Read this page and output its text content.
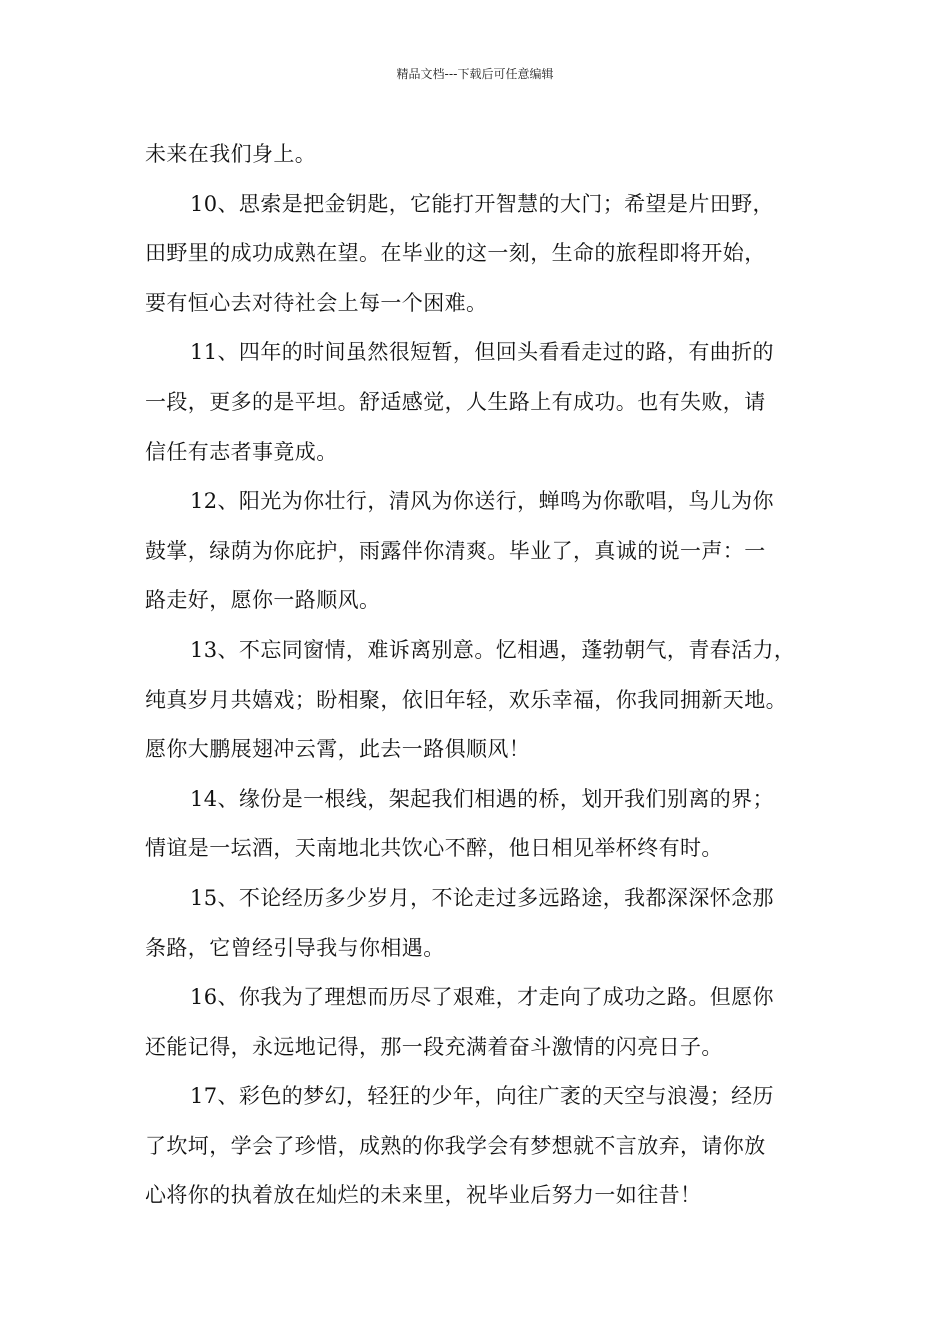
精品文档---下载后可任意编辑
未来在我们身上。
10、思索是把金钥匙，它能打开智慧的大门；希望是片田野，
田野里的成功成熟在望。在毕业的这一刻，生命的旅程即将开始，
要有恒心去对待社会上每一个困难。
11、四年的时间虽然很短暂，但回头看看走过的路，有曲折的
一段，更多的是平坦。舒适感觉，人生路上有成功。也有失败，请
信任有志者事竟成。
12、阳光为你壮行，清风为你送行，蝉鸣为你歌唱，鸟儿为你
鼓掌，绿荫为你庇护，雨露伴你清爽。毕业了，真诚的说一声：一
路走好，愿你一路顺风。
13、不忘同窗情，难诉离别意。忆相遇，蓬勃朝气，青春活力，
纯真岁月共嬉戏；盼相聚，依旧年轻，欢乐幸福，你我同拥新天地。
愿你大鹏展翅冲云霄，此去一路俱顺风！
14、缘份是一根线，架起我们相遇的桥，划开我们别离的界；
情谊是一坛酒，天南地北共饮心不醉，他日相见举杯终有时。
15、不论经历多少岁月，不论走过多远路途，我都深深怀念那
条路，它曾经引导我与你相遇。
16、你我为了理想而历尽了艰难，才走向了成功之路。但愿你
还能记得，永远地记得，那一段充满着奋斗激情的闪亮日子。
17、彩色的梦幻，轻狂的少年，向往广袤的天空与浪漫；经历
了坎坷，学会了珍惜，成熟的你我学会有梦想就不言放弃，请你放
心将你的执着放在灿烂的未来里，祝毕业后努力一如往昔！
